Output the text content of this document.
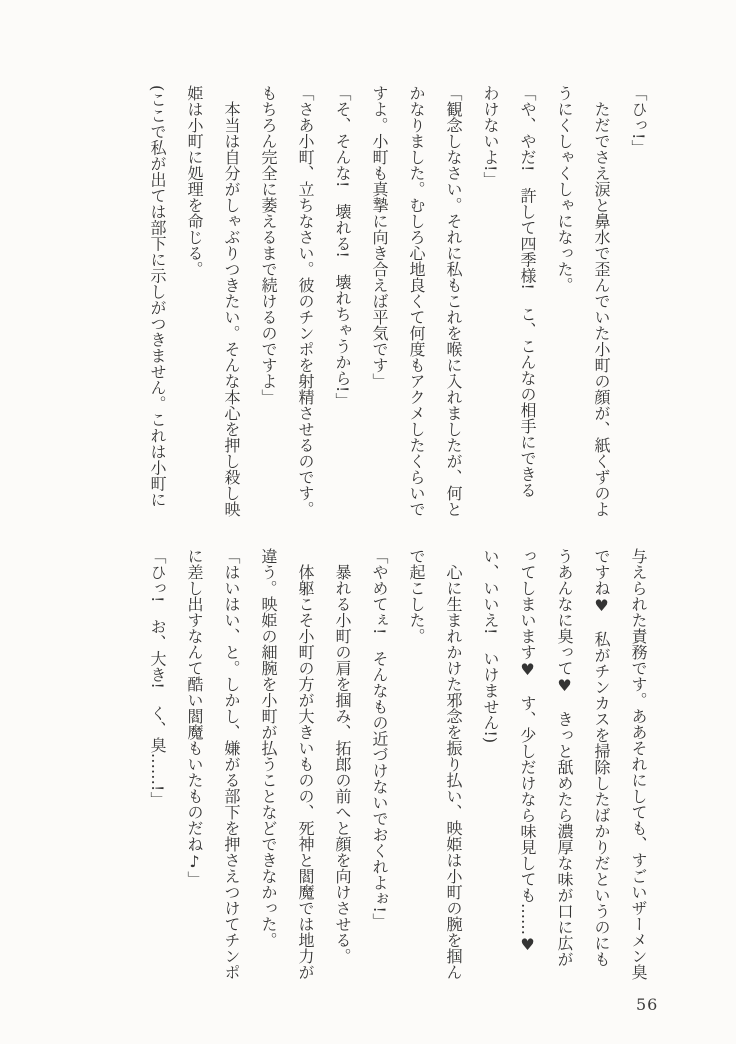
「ひっ!」
　ただでさえ涙と鼻水で歪んでいた小町の顔が、紙くずのよ
うにくしゃくしゃになった。
「や、やだ!　許して四季様!　こ、こんなの相手にできる
わけないよ!」
「観念しなさい。それに私もこれを喉に入れましたが、何と
かなりました。むしろ心地良くて何度もアクメしたくらいで
すよ。小町も真摯に向き合えば平気です」
「そ、そんな!　壊れる!　壊れちゃうから!」
「さあ小町、立ちなさい。彼のチンポを射精させるのです。
もちろん完全に萎えるまで続けるのですよ」
　本当は自分がしゃぶりつきたい。そんな本心を押し殺し映
姫は小町に処理を命じる。
(ここで私が出ては部下に示しがつきません。これは小町に
与えられた責務です。ああそれにしても、すごいザーメン臭
ですね♥　私がチンカスを掃除したばかりだというのにも
うあんなに臭って♥　きっと舐めたら濃厚な味が口に広が
ってしまいます♥　す、少しだけなら味見しても……♥
い、いいえ!　いけません!)
　心に生まれかけた邪念を振り払い、映姫は小町の腕を掴ん
で起こした。
「やめてぇ!　そんなもの近づけないでおくれよぉ!」
　暴れる小町の肩を掴み、拓郎の前へと顔を向けさせる。
　体躯こそ小町の方が大きいものの、死神と閻魔では地力が
違う。映姫の細腕を小町が払うことなどできなかった。
「はいはい、と。しかし、嫌がる部下を押さえつけてチンポ
に差し出すなんて酷い閻魔もいたものだね♪」
「ひっ!　お、大き!　く、臭……!」
56
